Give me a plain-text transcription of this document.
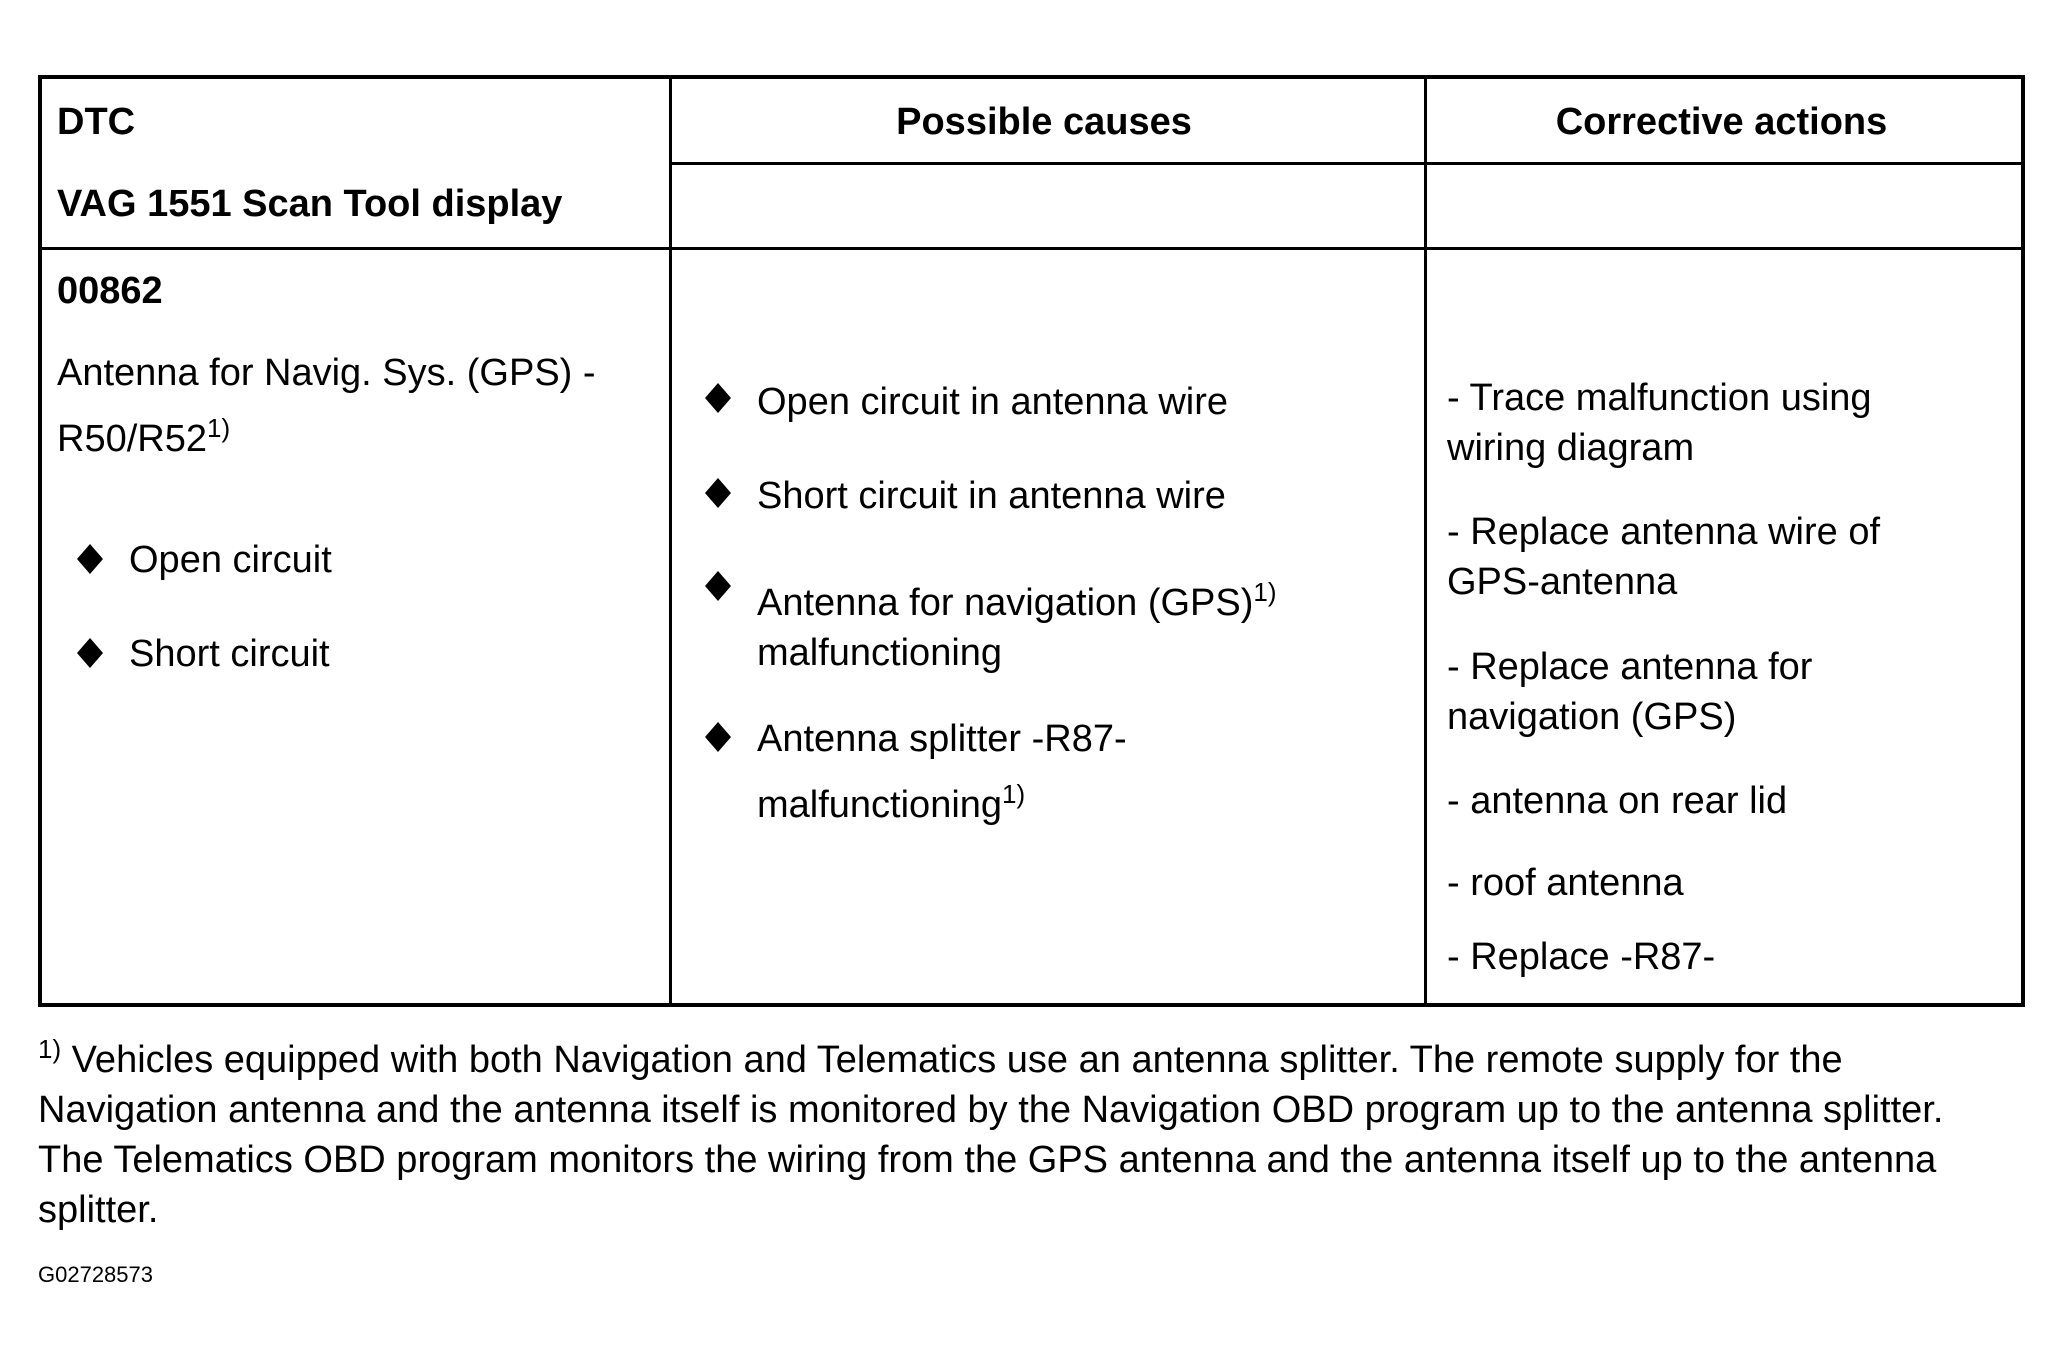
DTC
VAG 1551 Scan Tool display
Possible causes	Corrective actions
00862
Antenna for Navig. Sys. (GPS) -
R50/R52$^{1)}$
Open circuit
Short circuit
Open circuit in antenna wire
Short circuit in antenna wire
Antenna for navigation (GPS)$^{1)}$
malfunctioning
Antenna splitter -R87-
malfunctioning$^{1)}$
- Trace malfunction using
wiring diagram
- Replace antenna wire of
GPS-antenna
- Replace antenna for
navigation (GPS)
- antenna on rear lid
- roof antenna
- Replace -R87-
$^{1)}$ Vehicles equipped with both Navigation and Telematics use an antenna splitter. The remote supply for the Navigation antenna and the antenna itself is monitored by the Navigation OBD program up to the antenna splitter. The Telematics OBD program monitors the wiring from the GPS antenna and the antenna itself up to the antenna splitter.
G02728573
